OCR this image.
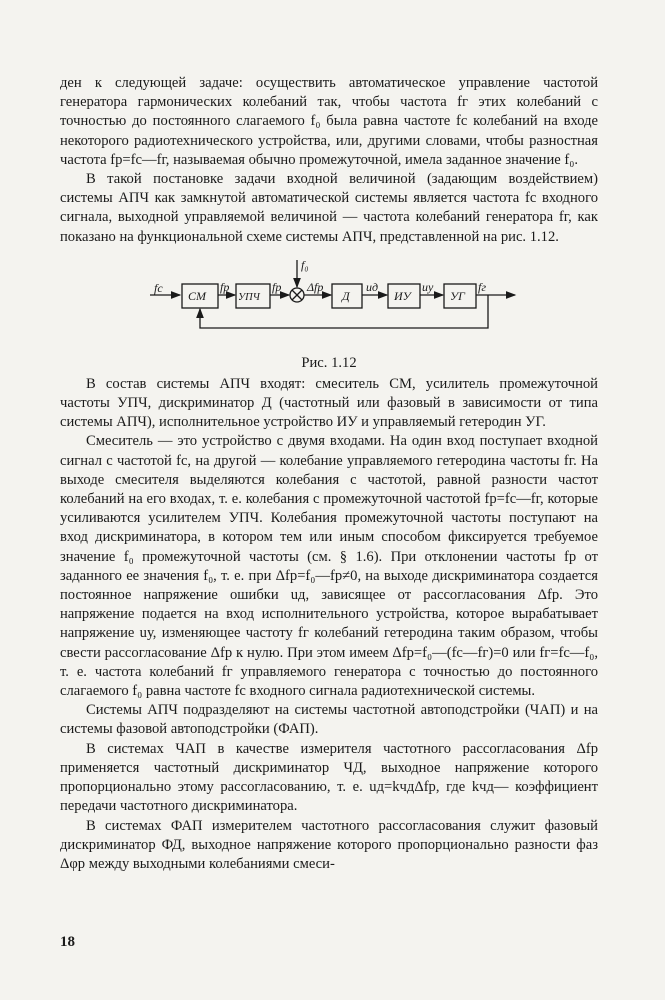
ден к следующей задаче: осуществить автоматическое управление частотой генератора гармонических колебаний так, чтобы частота fг этих колебаний с точностью до постоянного слагаемого f₀ была равна частоте fс колебаний на входе некоторого радиотехнического устройства, или, другими словами, чтобы разностная частота fр=fс—fг, называемая обычно промежуточной, имела заданное значение f₀.

В такой постановке задачи входной величиной (задающим воздействием) системы АПЧ как замкнутой автоматической системы является частота fс входного сигнала, выходной управляемой величиной — частота колебаний генератора fг, как показано на функциональной схеме системы АПЧ, представленной на рис. 1.12.

СМ	УПЧ	Д	ИУ	УГ
fс	fр	fр
f₀
Δfр	uд	uу	fг
Рис. 1.12

В состав системы АПЧ входят: смеситель СМ, усилитель промежуточной частоты УПЧ, дискриминатор Д (частотный или фазовый в зависимости от типа системы АПЧ), исполнительное устройство ИУ и управляемый гетеродин УГ.

Смеситель — это устройство с двумя входами. На один вход поступает входной сигнал с частотой fс, на другой — колебание управляемого гетеродина частоты fг. На выходе смесителя выделяются колебания с частотой, равной разности частот колебаний на его входах, т. е. колебания с промежуточной частотой fр=fс—fг, которые усиливаются усилителем УПЧ. Колебания промежуточной частоты поступают на вход дискриминатора, в котором тем или иным способом фиксируется требуемое значение f₀ промежуточной частоты (см. § 1.6). При отклонении частоты fр от заданного ее значения f₀, т. е. при Δfр=f₀—fр≠0, на выходе дискриминатора создается постоянное напряжение ошибки uд, зависящее от рассогласования Δfр. Это напряжение подается на вход исполнительного устройства, которое вырабатывает напряжение uу, изменяющее частоту fг колебаний гетеродина таким образом, чтобы свести рассогласование Δfр к нулю. При этом имеем Δfр=f₀—(fс—fг)=0 или fг=fс—f₀, т. е. частота колебаний fг управляемого генератора с точностью до постоянного слагаемого f₀ равна частоте fс входного сигнала радиотехнической системы.

Системы АПЧ подразделяют на системы частотной автоподстройки (ЧАП) и на системы фазовой автоподстройки (ФАП).

В системах ЧАП в качестве измерителя частотного рассогласования Δfр применяется частотный дискриминатор ЧД, выходное напряжение которого пропорционально этому рассогласованию, т. е. uд=kчдΔfр, где kчд— коэффициент передачи частотного дискриминатора.

В системах ФАП измерителем частотного рассогласования служит фазовый дискриминатор ФД, выходное напряжение которого пропорционально разности фаз Δφр между выходными колебаниями смеси-

18
